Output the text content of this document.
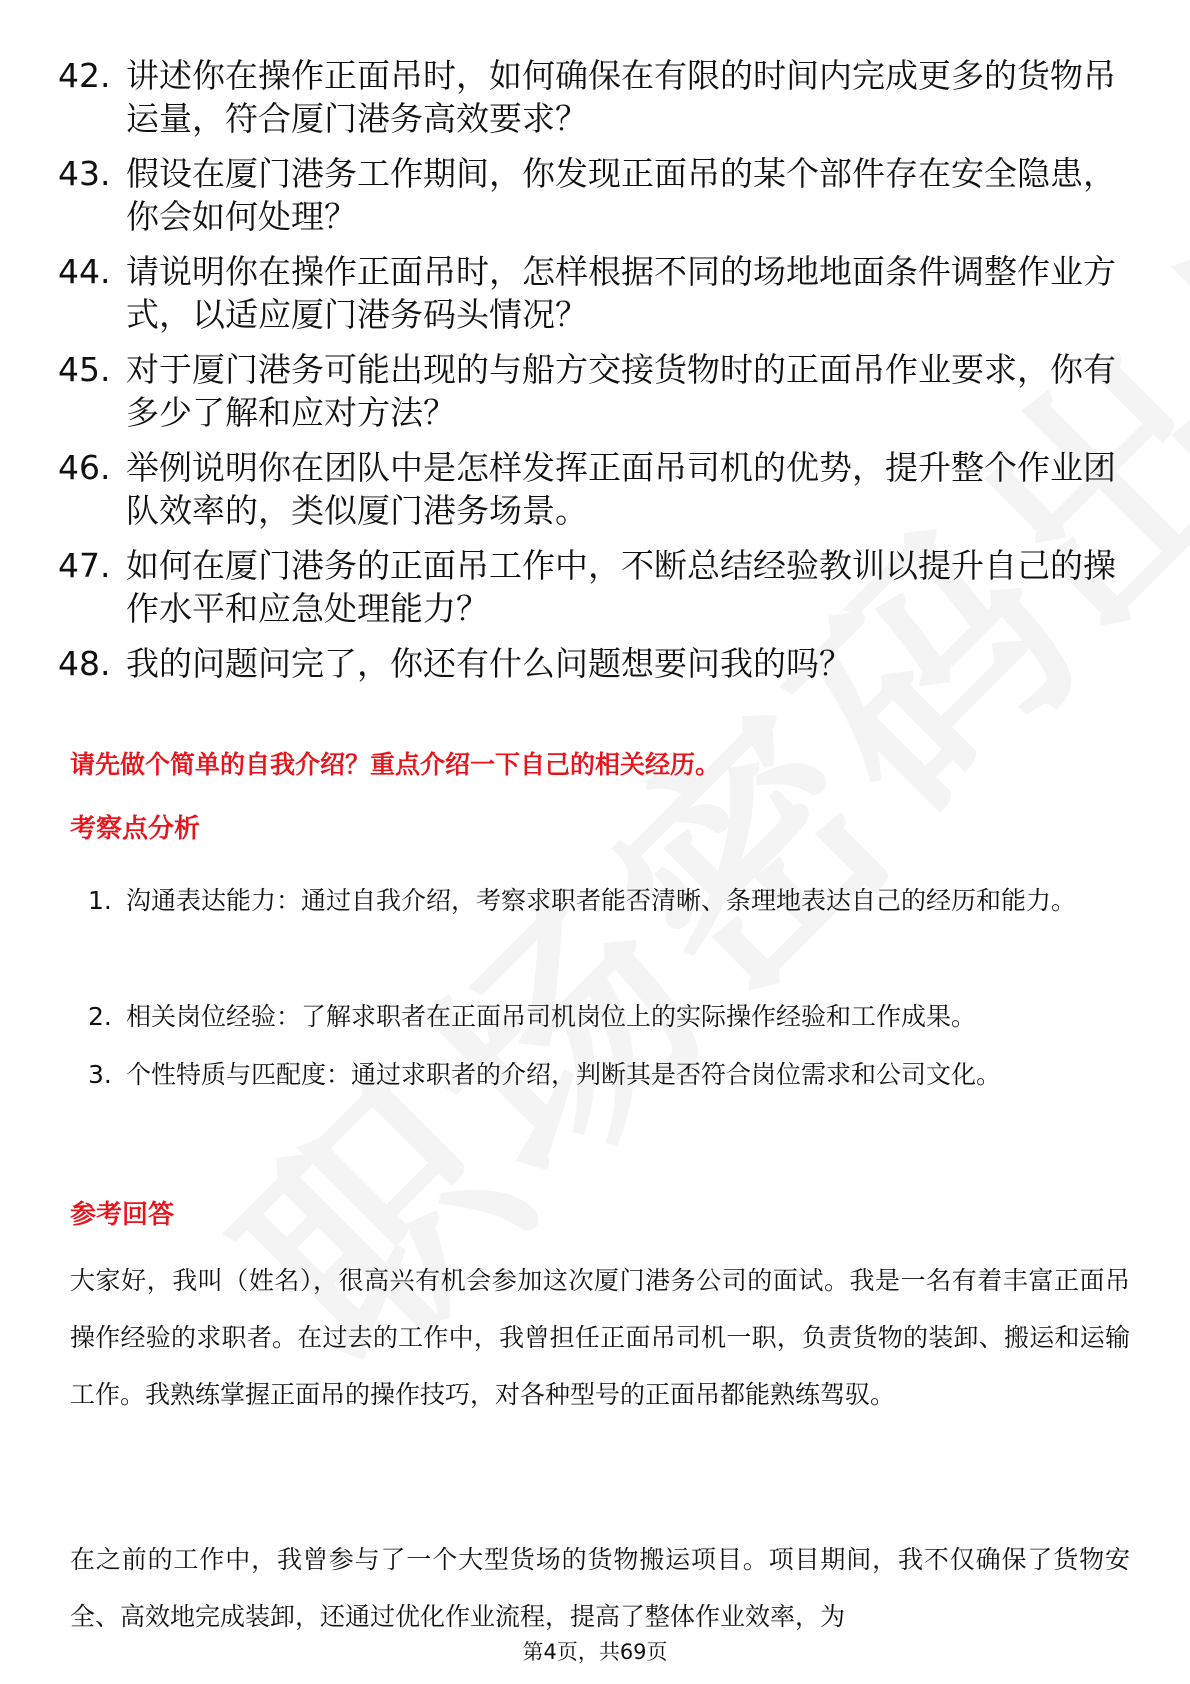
42. 讲述你在操作正面吊时，如何确保在有限的时间内完成更多的货物吊运量，符合厦门港务高效要求？
43. 假设在厦门港务工作期间，你发现正面吊的某个部件存在安全隐患，你会如何处理？
44. 请说明你在操作正面吊时，怎样根据不同的场地地面条件调整作业方式，以适应厦门港务码头情况？
45. 对于厦门港务可能出现的与船方交接货物时的正面吊作业要求，你有多少了解和应对方法？
46. 举例说明你在团队中是怎样发挥正面吊司机的优势，提升整个作业团队效率的，类似厦门港务场景。
47. 如何在厦门港务的正面吊工作中，不断总结经验教训以提升自己的操作水平和应急处理能力？
48. 我的问题问完了，你还有什么问题想要问我的吗？
请先做个简单的自我介绍？重点介绍一下自己的相关经历。
考察点分析
1. 沟通表达能力：通过自我介绍，考察求职者能否清晰、条理地表达自己的经历和能力。
2. 相关岗位经验：了解求职者在正面吊司机岗位上的实际操作经验和工作成果。
3. 个性特质与匹配度：通过求职者的介绍，判断其是否符合岗位需求和公司文化。
参考回答
大家好，我叫（姓名），很高兴有机会参加这次厦门港务公司的面试。我是一名有着丰富正面吊操作经验的求职者。在过去的工作中，我曾担任正面吊司机一职，负责货物的装卸、搬运和运输工作。我熟练掌握正面吊的操作技巧，对各种型号的正面吊都能熟练驾驭。
在之前的工作中，我曾参与了一个大型货场的货物搬运项目。项目期间，我不仅确保了货物安全、高效地完成装卸，还通过优化作业流程，提高了整体作业效率，为
第4页，共69页
